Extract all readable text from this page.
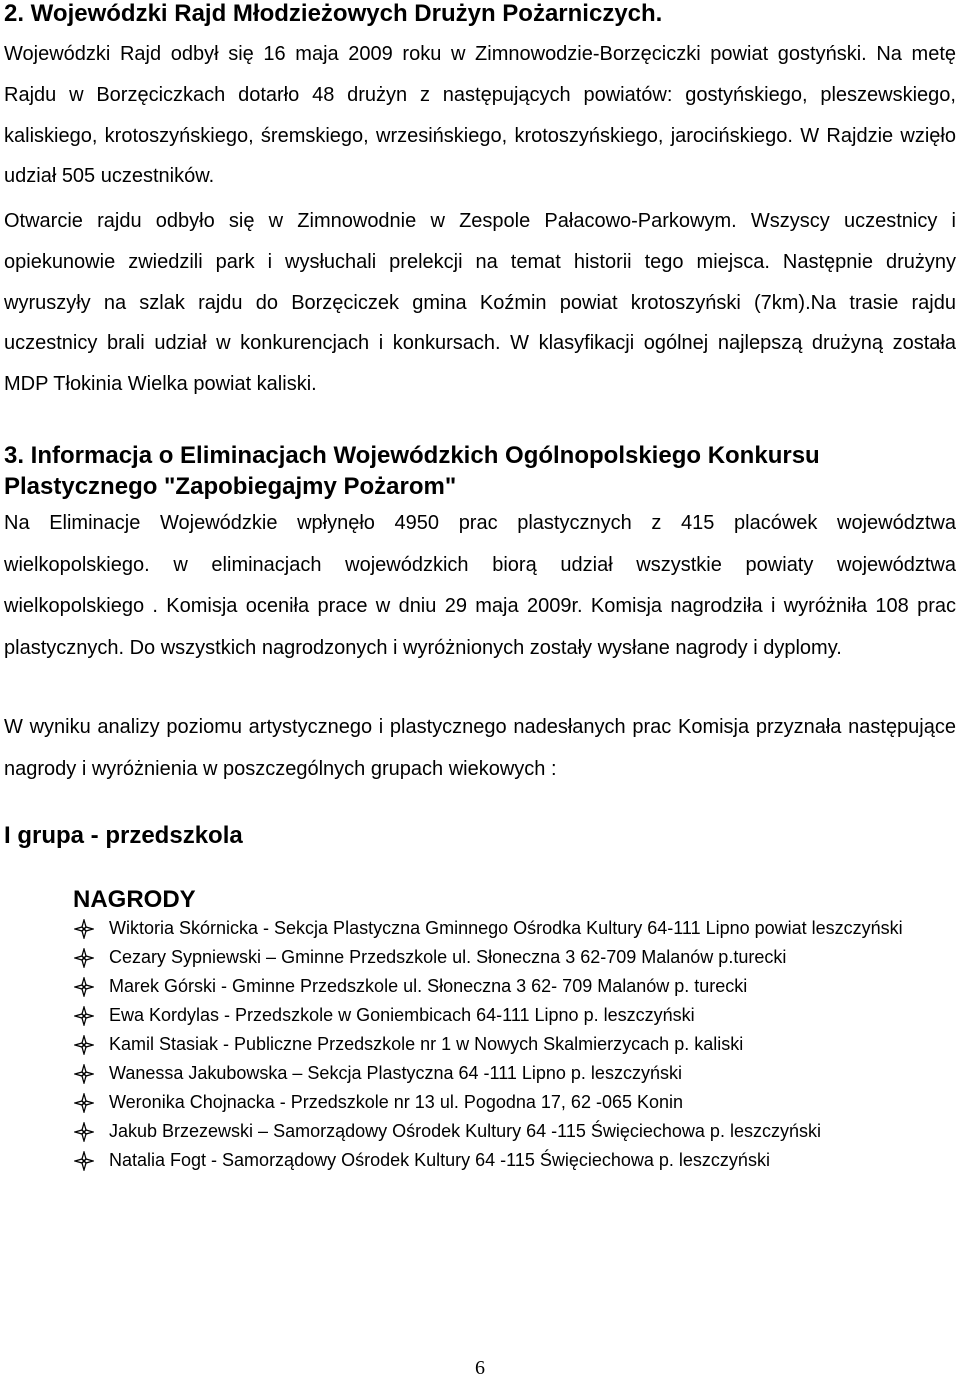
2. Wojewódzki Rajd Młodzieżowych Drużyn Pożarniczych.
Wojewódzki Rajd odbył się 16 maja 2009 roku w Zimnowodzie-Borzęciczki powiat gostyński. Na metę Rajdu w Borzęciczkach dotarło 48 drużyn z następujących powiatów: gostyńskiego, pleszewskiego, kaliskiego, krotoszyńskiego, śremskiego, wrzesińskiego, krotoszyńskiego, jarocińskiego. W Rajdzie wzięło udział 505 uczestników.
Otwarcie rajdu odbyło się w Zimnowodnie w Zespole Pałacowo-Parkowym. Wszyscy uczestnicy i opiekunowie zwiedzili park i wysłuchali prelekcji na temat historii tego miejsca. Następnie drużyny wyruszyły na szlak rajdu do Borzęciczek gmina Koźmin powiat krotoszyński (7km).Na trasie rajdu uczestnicy brali udział w konkurencjach i konkursach. W klasyfikacji ogólnej najlepszą drużyną została MDP Tłokinia Wielka powiat kaliski.
3. Informacja o Eliminacjach Wojewódzkich Ogólnopolskiego Konkursu Plastycznego "Zapobiegajmy Pożarom"
Na Eliminacje Wojewódzkie wpłynęło 4950 prac plastycznych z 415 placówek województwa wielkopolskiego. w eliminacjach wojewódzkich biorą udział wszystkie powiaty województwa wielkopolskiego . Komisja oceniła prace w dniu 29 maja 2009r. Komisja nagrodziła i wyróżniła 108 prac plastycznych. Do wszystkich nagrodzonych i wyróżnionych zostały wysłane nagrody i dyplomy.
W wyniku analizy poziomu artystycznego i plastycznego nadesłanych prac Komisja przyznała następujące nagrody i wyróżnienia w poszczególnych grupach wiekowych :
I grupa - przedszkola
NAGRODY
Wiktoria Skórnicka - Sekcja Plastyczna Gminnego Ośrodka Kultury 64-111 Lipno powiat leszczyński
Cezary Sypniewski – Gminne Przedszkole ul. Słoneczna 3 62-709 Malanów p.turecki
Marek Górski - Gminne Przedszkole ul. Słoneczna 3 62- 709 Malanów p. turecki
Ewa Kordylas - Przedszkole w Goniembicach 64-111 Lipno p. leszczyński
Kamil Stasiak - Publiczne Przedszkole nr 1 w Nowych Skalmierzycach p. kaliski
Wanessa Jakubowska – Sekcja Plastyczna 64 -111 Lipno p. leszczyński
Weronika Chojnacka - Przedszkole nr 13 ul. Pogodna 17, 62 -065 Konin
Jakub Brzezewski – Samorządowy Ośrodek Kultury 64 -115 Święciechowa p. leszczyński
Natalia Fogt - Samorządowy Ośrodek Kultury 64 -115 Święciechowa p. leszczyński
6
